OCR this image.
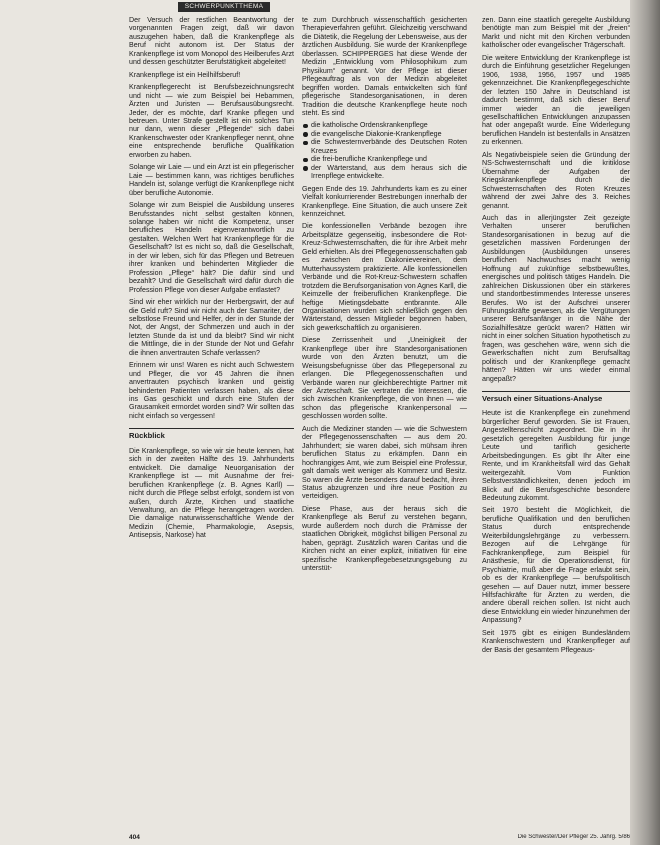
SCHWERPUNKTTHEMA

Der Versuch der restlichen Beantwortung der vorgenannten Fragen zeigt, daß wir davon auszugehen haben, daß die Krankenpflege als Beruf nicht autonom ist. Der Status der Krankenpflege ist vom Monopol des Heilberufes Arzt und dessen geschützter Berufstätigkeit abgeleitet!

Krankenpflege ist ein Heilhilfsberuf!

Krankenpflegerecht ist Berufsbezeichnungsrecht und nicht — wie zum Beispiel bei Hebammen, Ärzten und Juristen — Berufsausübungsrecht. Jeder, der es möchte, darf Kranke pflegen und betreuen. Unter Strafe gestellt ist ein solches Tun nur dann, wenn dieser „Pflegende“ sich dabei Krankenschwester oder Krankenpfleger nennt, ohne eine entsprechende berufliche Qualifikation erworben zu haben.

Solange wir Laie — und ein Arzt ist ein pflegerischer Laie — bestimmen kann, was richtiges berufliches Handeln ist, solange verfügt die Krankenpflege nicht über berufliche Autonomie.

Solange wir zum Beispiel die Ausbildung unseres Berufsstandes nicht selbst gestalten können, solange haben wir nicht die Kompetenz, unser berufliches Handeln eigenverantwortlich zu gestalten. Welchen Wert hat Krankenpflege für die Gesellschaft? Ist es nicht so, daß die Gesellschaft, in der wir leben, sich für das Pflegen und Betreuen ihrer kranken und behinderten Mitglieder die Profession „Pflege“ hält? Die dafür sind und bezahlt? Und die Gesellschaft wird dafür durch die Profession Pflege von dieser Aufgabe entlastet?

Sind wir eher wirklich nur der Herbergswirt, der auf die Geld ruft? Sind wir nicht auch der Samariter, der selbstlose Freund und Helfer, der in der Stunde der Not, der Angst, der Schmerzen und auch in der letzten Stunde da ist und da bleibt? Sind wir nicht die Mittlinge, die in der Stunde der Not und Gefahr die ihnen anvertrauten Schafe verlassen?

Erinnern wir uns! Waren es nicht auch Schwestern und Pfleger, die vor 45 Jahren die ihnen anvertrauten psychisch kranken und geistig behinderten Patienten verlassen haben, als diese ins Gas geschickt und durch eine Stufen der Grausamkeit ermordet worden sind? Wir sollten das nicht einfach so vergessen!

Rückblick

Die Krankenpflege, so wie wir sie heute kennen, hat sich in der zweiten Hälfte des 19. Jahrhunderts entwickelt. Die damalige Neuorganisation der Krankenpflege ist — mit Ausnahme der frei-beruflichen Krankenpflege (z. B. Agnes Karll) — nicht durch die Pflege selbst erfolgt, sondern ist von außen, durch Ärzte, Kirchen und staatliche Verwaltung, an die Pflege herangetragen worden. Die damalige naturwissenschaftliche Wende der Medizin (Chemie, Pharmakologie, Asepsis, Antisepsis, Narkose) hat

te zum Durchbruch wissenschaftlich gesicherten Therapieverfahren geführt. Gleichzeitig verschwand die Diätetik, die Regelung der Lebensweise, aus der ärztlichen Ausbildung. Sie wurde der Krankenpflege überlassen. SCHIPPERGES hat diese Wende der Medizin „Entwicklung vom Philosophikum zum Physikum“ genannt. Vor der Pflege ist dieser Pflegeauftrag als von der Medizin abgeleitet begriffen worden. Damals entwickelten sich fünf pflegerische Standesorganisationen, in deren Tradition die deutsche Krankenpflege heute noch steht. Es sind

die katholische Ordenskrankenpflege
die evangelische Diakonie-Krankenpflege
die Schwesternverbände des Deutschen Roten Kreuzes
die frei-berufliche Krankenpflege und
der Wärterstand, aus dem heraus sich die Irrenpflege entwickelte.

Gegen Ende des 19. Jahrhunderts kam es zu einer Vielfalt konkurrierender Bestrebungen innerhalb der Krankenpflege. Eine Situation, die auch unsere Zeit kennzeichnet.

Die konfessionellen Verbände bezogen ihre Arbeitsplätze gegenseitig, insbesondere die Rot-Kreuz-Schwesternschaften, die für ihre Arbeit mehr Geld erhielten. Als drei Pflegegenossenschaften gab es zwischen den Diakonievereinen, dem Mutterhaussystem praktizierte. Alle konfessionellen Verbände und die Rot-Kreuz-Schwestern schaffen trotzdem die Berufsorganisation von Agnes Karll, die Keimzelle der freiberuflichen Krankenpflege. Die heftige Mietingsdebatte entbrannte. Alle Organisationen wurden sich schließlich gegen den Wärterstand, dessen Mitglieder begonnen haben, sich gewerkschaftlich zu organisieren.

Diese Zerrissenheit und „Uneinigkeit der Krankenpflege über ihre Standesorganisationen wurde von den Ärzten benutzt, um die Weisungsbefugnisse über das Pflegepersonal zu erlangen. Die Pflegegenossenschaften und Verbände waren nur gleichberechtigte Partner mit der Ärzteschaft. Sie vertraten die Interessen, die sich zwischen Krankenpflege, die von ihnen — wie schon das pflegerische Krankenpersonal — geschlossen worden sollte.

Auch die Mediziner standen — wie die Schwestern der Pflegegenossenschaften — aus dem 20. Jahrhundert; sie waren dabei, sich mühsam ihren beruflichen Status zu erkämpfen. Dann ein hochrangiges Amt, wie zum Beispiel eine Professur, galt damals weit weniger als Kommerz und Besitz. So waren die Ärzte besonders darauf bedacht, ihren Status abzugrenzen und ihre neue Position zu verteidigen.

Diese Phase, aus der heraus sich die Krankenpflege als Beruf zu verstehen begann, wurde außerdem noch durch die Prämisse der staatlichen Obrigkeit, möglichst billigen Personal zu haben, geprägt. Zusätzlich waren Caritas und die Kirchen nicht an einer explizit, initiativen für eine spezifische Krankenpflegebesetzungsgebung zu unterstüt-

zen. Dann eine staatlich geregelte Ausbildung benötigte man zum Beispiel mit der „freien“ Markt und nicht mit den Kirchen verbunden katholischer oder evangelischer Trägerschaft.

Die weitere Entwicklung der Krankenpflege ist durch die Einführung gesetzlicher Regelungen 1906, 1938, 1956, 1957 und 1985 gekennzeichnet. Die Krankenpflegegeschichte der letzten 150 Jahre in Deutschland ist dadurch bestimmt, daß sich dieser Beruf immer wieder an die jeweiligen gesellschaftlichen Entwicklungen anzupassen hat oder angepaßt wurde. Eine Widerlegung beruflichen Handeln ist bestenfalls in Ansätzen zu erkennen.

Als Negativbeispiele seien die Gründung der NS-Schwesternschaft und die kritiklose Übernahme der Aufgaben der Kriegskrankenpflege durch die Schwesternschaften des Roten Kreuzes während der zwei Jahre des 3. Reiches genannt.

Auch das in allerjüngster Zeit gezeigte Verhalten unserer beruflichen Standesorganisationen in bezug auf die gesetzlichen massiven Forderungen der Ausbildungen (Ausbildungen unseres beruflichen Nachwuchses macht wenig Hoffnung auf zukünftige selbstbewußtes, energisches und politisch tätiges Handeln. Die zahlreichen Diskussionen über ein stärkeres und standortbestimmendes Interesse unseres Berufes. Wo ist der Aufschrei unserer Führungskräfte gewesen, als die Vergütungen unserer Berufsanfänger in die Nähe der Sozialhilfesätze gerückt waren? Hätten wir nicht in einer solchen Situation hypothetisch zu fragen, was geschehen wäre, wenn sich die Gewerkschaften nicht zum Berufsalltag politisch und der Krankenpflege gemacht hätten? Hätten wir uns wieder einmal angepaßt?

Versuch einer Situations-Analyse

Heute ist die Krankenpflege ein zunehmend bürgerlicher Beruf geworden. Sie ist Frauen, Angestelltenschicht zugeordnet. Die in ihr gesetzlich geregelten Ausbildung für junge Leute und tariflich gesicherte Arbeitsbedingungen. Es gibt Ihr Alter eine Rente, und im Krankheitsfall wird das Gehalt weitergezahlt. Vom Funktion Selbstverständlichkeiten, denen jedoch im Blick auf die Berufsgeschichte besondere Bedeutung zukommt.

Seit 1970 besteht die Möglichkeit, die berufliche Qualifikation und den beruflichen Status durch entsprechende Weiterbildungslehrgänge zu verbessern. Bezogen auf die Lehrgänge für Fachkrankenpflege, zum Beispiel für Anästhesie, für die Operationsdienst, für Psychiatrie, muß aber die Frage erlaubt sein, ob es der Krankenpflege — berufspolitisch gesehen — auf Dauer nutzt, immer bessere Hilfsfachkräfte für Ärzten zu werden, die andere überall reichen sollen. Ist nicht auch diese Entwicklung ein wieder hinzunehmen der Anpassung?

Seit 1975 gibt es einigen Bundesländern Krankenschwestern und Krankenpfleger auf der Basis der gesamtem Pflegeaus-

404	Die Schwester/Der Pfleger 25. Jahrg. 5/86
